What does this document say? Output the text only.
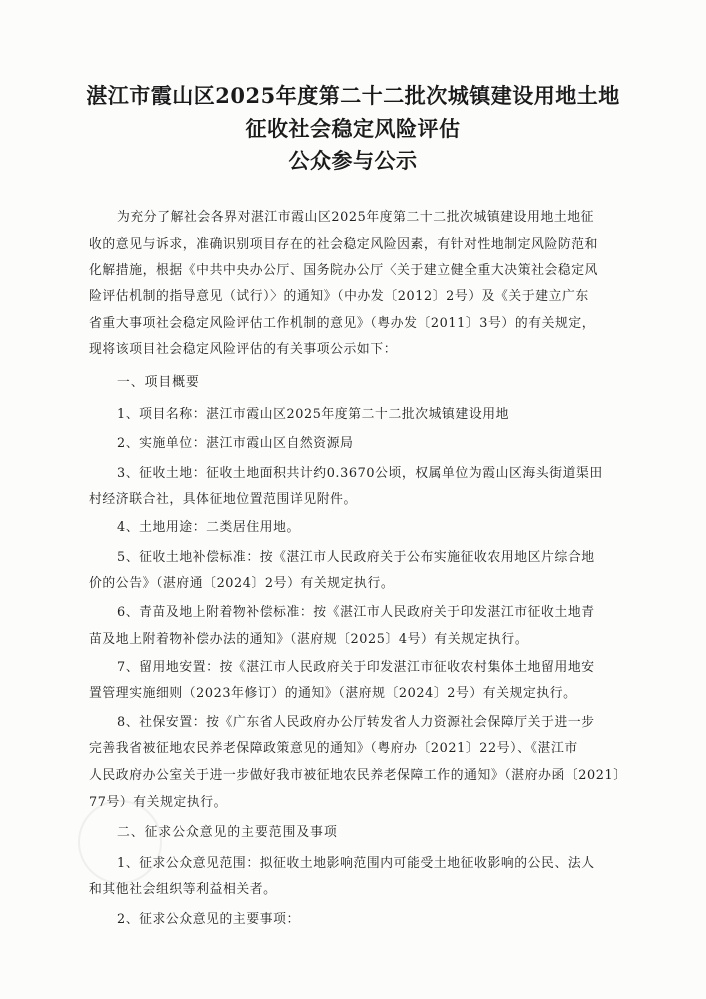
湛江市霞山区2025年度第二十二批次城镇建设用地土地
征收社会稳定风险评估
公众参与公示
为充分了解社会各界对湛江市霞山区2025年度第二十二批次城镇建设用地土地征
收的意见与诉求，准确识别项目存在的社会稳定风险因素，有针对性地制定风险防范和
化解措施，根据《中共中央办公厅、国务院办公厅〈关于建立健全重大决策社会稳定风
险评估机制的指导意见（试行）〉的通知》（中办发〔2012〕2号）及《关于建立广东
省重大事项社会稳定风险评估工作机制的意见》（粤办发〔2011〕3号）的有关规定，
现将该项目社会稳定风险评估的有关事项公示如下：
一、项目概要
1、项目名称：湛江市霞山区2025年度第二十二批次城镇建设用地
2、实施单位：湛江市霞山区自然资源局
3、征收土地：征收土地面积共计约0.3670公顷，权属单位为霞山区海头街道渠田
村经济联合社，具体征地位置范围详见附件。
4、土地用途：二类居住用地。
5、征收土地补偿标准：按《湛江市人民政府关于公布实施征收农用地区片综合地
价的公告》（湛府通〔2024〕2号）有关规定执行。
6、青苗及地上附着物补偿标准：按《湛江市人民政府关于印发湛江市征收土地青
苗及地上附着物补偿办法的通知》（湛府规〔2025〕4号）有关规定执行。
7、留用地安置：按《湛江市人民政府关于印发湛江市征收农村集体土地留用地安
置管理实施细则（2023年修订）的通知》（湛府规〔2024〕2号）有关规定执行。
8、社保安置：按《广东省人民政府办公厅转发省人力资源社会保障厅关于进一步
完善我省被征地农民养老保障政策意见的通知》（粤府办〔2021〕22号）、《湛江市
人民政府办公室关于进一步做好我市被征地农民养老保障工作的通知》（湛府办函〔2021〕
77号）有关规定执行。
二、征求公众意见的主要范围及事项
1、征求公众意见范围：拟征收土地影响范围内可能受土地征收影响的公民、法人
和其他社会组织等利益相关者。
2、征求公众意见的主要事项：
